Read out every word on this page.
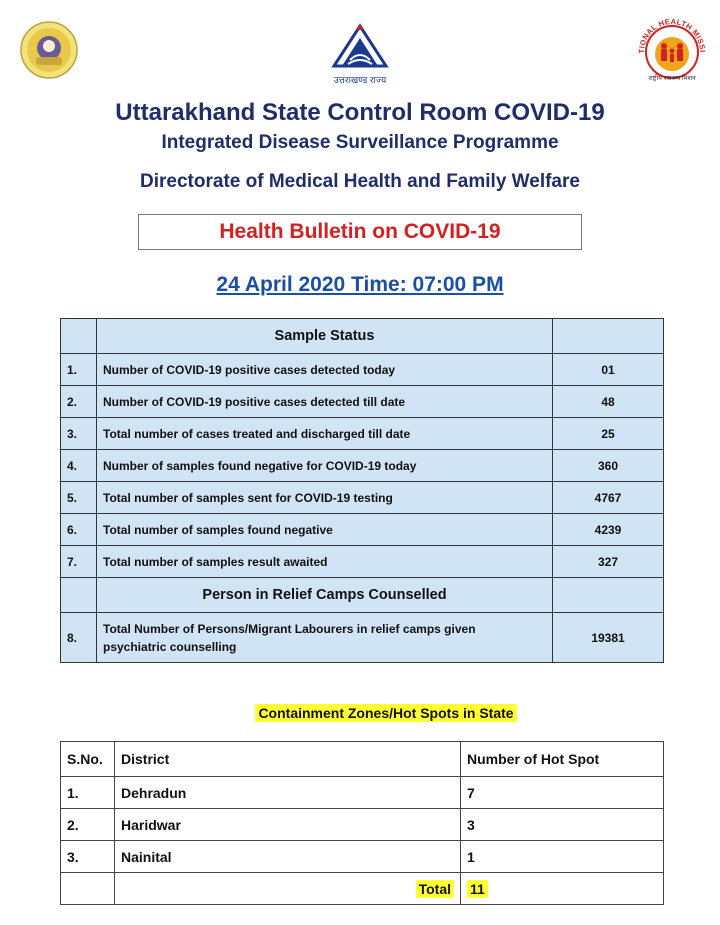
उत्तराखण्ड राज्य
TIONAL HEALTH MISSI
राष्ट्रीय स्वास्थ्य मिशन
Uttarakhand State Control Room COVID-19
Integrated Disease Surveillance Programme
Directorate of Medical Health and Family Welfare
Health Bulletin on COVID-19
24 April 2020 Time: 07:00 PM
	Sample Status	
1.	Number of COVID-19 positive cases detected today	01
2.	Number of COVID-19 positive cases detected till date	48
3.	Total number of cases treated and discharged till date	25
4.	Number of samples found negative for COVID-19 today	360
5.	Total number of samples sent for COVID-19 testing	4767
6.	Total number of samples found negative	4239
7.	Total number of samples result awaited	327
	Person in Relief Camps Counselled	
8.	Total Number of Persons/Migrant Labourers in relief camps given
psychiatric counselling	19381
Containment Zones/Hot Spots in State
S.No.	District	Number of Hot Spot
1.	Dehradun	7
2.	Haridwar	3
3.	Nainital	1
	Total	11
